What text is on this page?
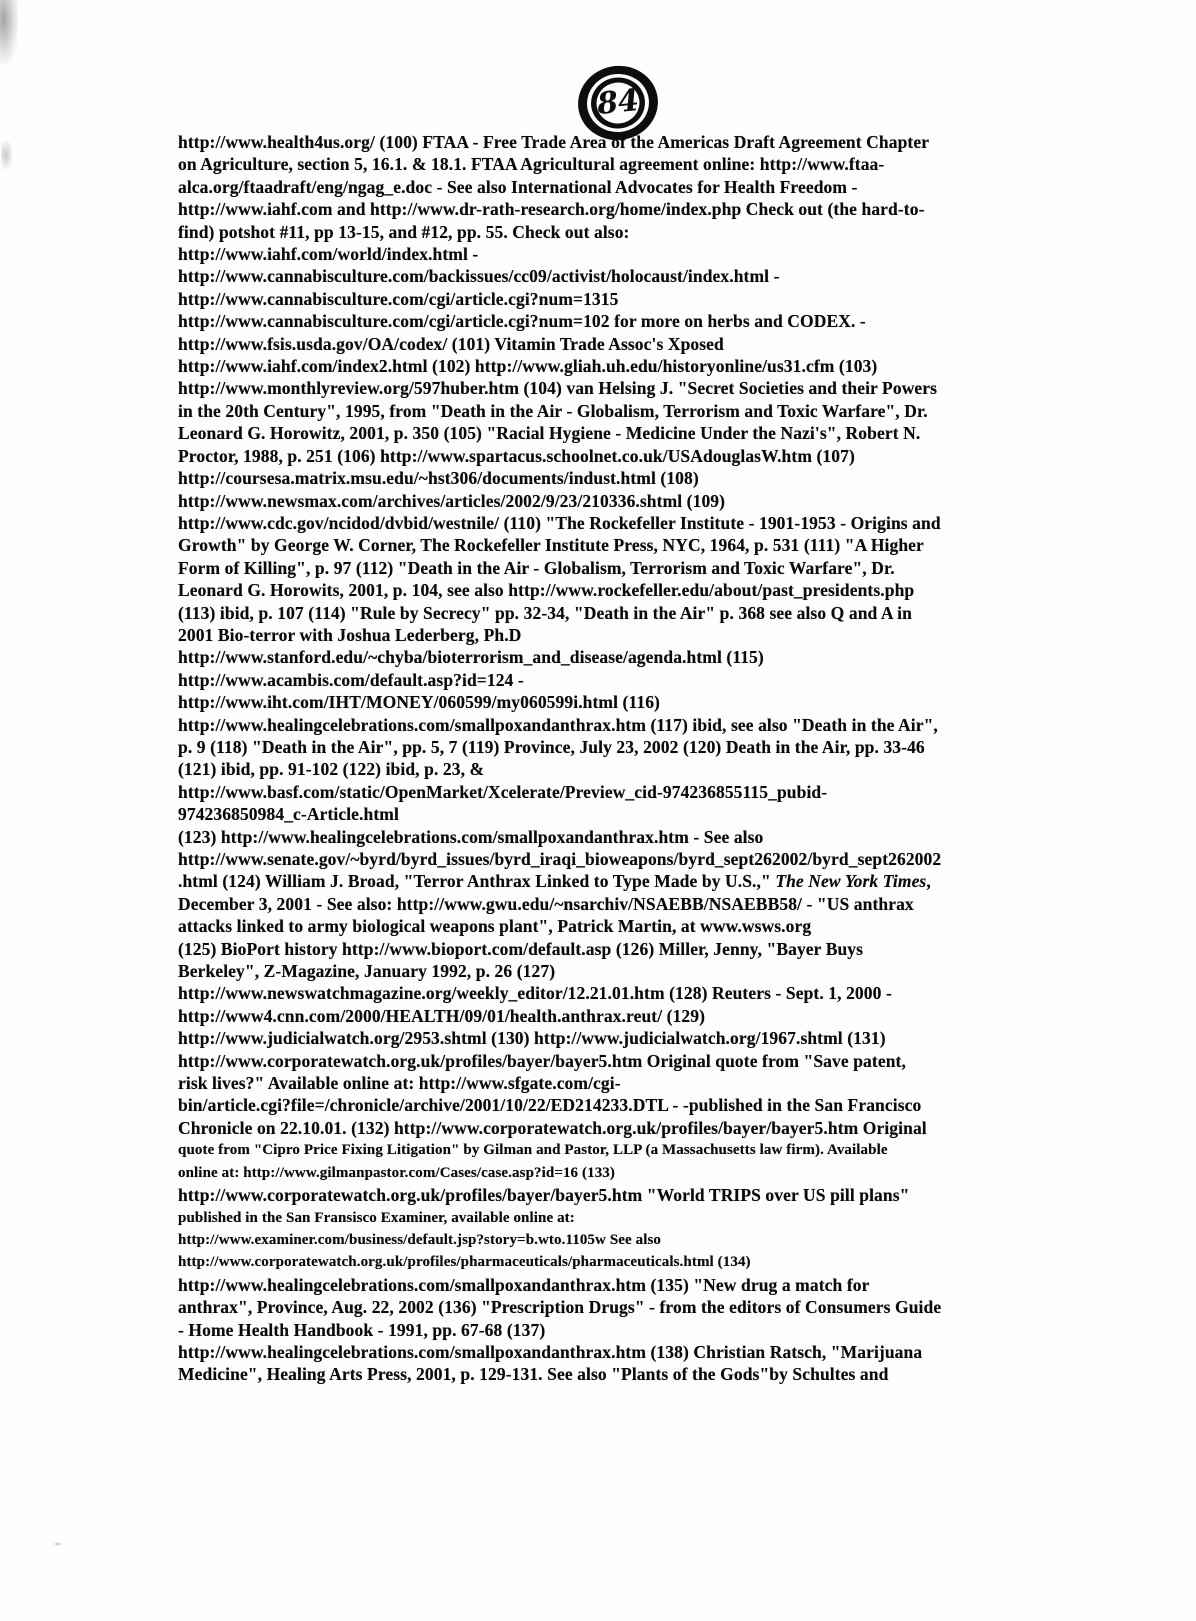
84
http://www.health4us.org/ (100) FTAA - Free Trade Area of the Americas Draft Agreement Chapter
on Agriculture, section 5, 16.1. & 18.1. FTAA Agricultural agreement online: http://www.ftaa-
alca.org/ftaadraft/eng/ngag_e.doc - See also International Advocates for Health Freedom -
http://www.iahf.com and http://www.dr-rath-research.org/home/index.php Check out (the hard-to-
find) potshot #11, pp 13-15, and #12, pp. 55. Check out also:
http://www.iahf.com/world/index.html -
http://www.cannabisculture.com/backissues/cc09/activist/holocaust/index.html -
http://www.cannabisculture.com/cgi/article.cgi?num=1315
http://www.cannabisculture.com/cgi/article.cgi?num=102 for more on herbs and CODEX. -
http://www.fsis.usda.gov/OA/codex/ (101) Vitamin Trade Assoc's Xposed
http://www.iahf.com/index2.html (102) http://www.gliah.uh.edu/historyonline/us31.cfm (103)
http://www.monthlyreview.org/597huber.htm (104) van Helsing J. "Secret Societies and their Powers
in the 20th Century", 1995, from "Death in the Air - Globalism, Terrorism and Toxic Warfare", Dr.
Leonard G. Horowitz, 2001, p. 350 (105) "Racial Hygiene - Medicine Under the Nazi's", Robert N.
Proctor, 1988, p. 251 (106) http://www.spartacus.schoolnet.co.uk/USAdouglasW.htm (107)
http://coursesa.matrix.msu.edu/~hst306/documents/indust.html (108)
http://www.newsmax.com/archives/articles/2002/9/23/210336.shtml (109)
http://www.cdc.gov/ncidod/dvbid/westnile/ (110) "The Rockefeller Institute - 1901-1953 - Origins and
Growth" by George W. Corner, The Rockefeller Institute Press, NYC, 1964, p. 531 (111) "A Higher
Form of Killing", p. 97 (112) "Death in the Air - Globalism, Terrorism and Toxic Warfare", Dr.
Leonard G. Horowits, 2001, p. 104, see also http://www.rockefeller.edu/about/past_presidents.php
(113) ibid, p. 107 (114) "Rule by Secrecy" pp. 32-34, "Death in the Air" p. 368 see also Q and A in
2001 Bio-terror with Joshua Lederberg, Ph.D
http://www.stanford.edu/~chyba/bioterrorism_and_disease/agenda.html (115)
http://www.acambis.com/default.asp?id=124 -
http://www.iht.com/IHT/MONEY/060599/my060599i.html (116)
http://www.healingcelebrations.com/smallpoxandanthrax.htm (117) ibid, see also "Death in the Air",
p. 9 (118) "Death in the Air", pp. 5, 7 (119) Province, July 23, 2002 (120) Death in the Air, pp. 33-46
(121) ibid, pp. 91-102 (122) ibid, p. 23, &
http://www.basf.com/static/OpenMarket/Xcelerate/Preview_cid-974236855115_pubid-
974236850984_c-Article.html
(123) http://www.healingcelebrations.com/smallpoxandanthrax.htm - See also
http://www.senate.gov/~byrd/byrd_issues/byrd_iraqi_bioweapons/byrd_sept262002/byrd_sept262002
.html (124) William J. Broad, "Terror Anthrax Linked to Type Made by U.S.," The New York Times,
December 3, 2001 - See also: http://www.gwu.edu/~nsarchiv/NSAEBB/NSAEBB58/ - "US anthrax
attacks linked to army biological weapons plant", Patrick Martin, at www.wsws.org
(125) BioPort history http://www.bioport.com/default.asp (126) Miller, Jenny, "Bayer Buys
Berkeley", Z-Magazine, January 1992, p. 26 (127)
http://www.newswatchmagazine.org/weekly_editor/12.21.01.htm (128) Reuters - Sept. 1, 2000 -
http://www4.cnn.com/2000/HEALTH/09/01/health.anthrax.reut/ (129)
http://www.judicialwatch.org/2953.shtml (130) http://www.judicialwatch.org/1967.shtml (131)
http://www.corporatewatch.org.uk/profiles/bayer/bayer5.htm Original quote from "Save patent,
risk lives?" Available online at: http://www.sfgate.com/cgi-
bin/article.cgi?file=/chronicle/archive/2001/10/22/ED214233.DTL - -published in the San Francisco
Chronicle on 22.10.01. (132) http://www.corporatewatch.org.uk/profiles/bayer/bayer5.htm Original
quote from "Cipro Price Fixing Litigation" by Gilman and Pastor, LLP (a Massachusetts law firm). Available
online at: http://www.gilmanpastor.com/Cases/case.asp?id=16 (133)
http://www.corporatewatch.org.uk/profiles/bayer/bayer5.htm "World TRIPS over US pill plans"
published in the San Fransisco Examiner, available online at:
http://www.examiner.com/business/default.jsp?story=b.wto.1105w See also
http://www.corporatewatch.org.uk/profiles/pharmaceuticals/pharmaceuticals.html (134)
http://www.healingcelebrations.com/smallpoxandanthrax.htm (135) "New drug a match for
anthrax", Province, Aug. 22, 2002 (136) "Prescription Drugs" - from the editors of Consumers Guide
- Home Health Handbook - 1991, pp. 67-68 (137)
http://www.healingcelebrations.com/smallpoxandanthrax.htm (138) Christian Ratsch, "Marijuana
Medicine", Healing Arts Press, 2001, p. 129-131. See also "Plants of the Gods"by Schultes and
